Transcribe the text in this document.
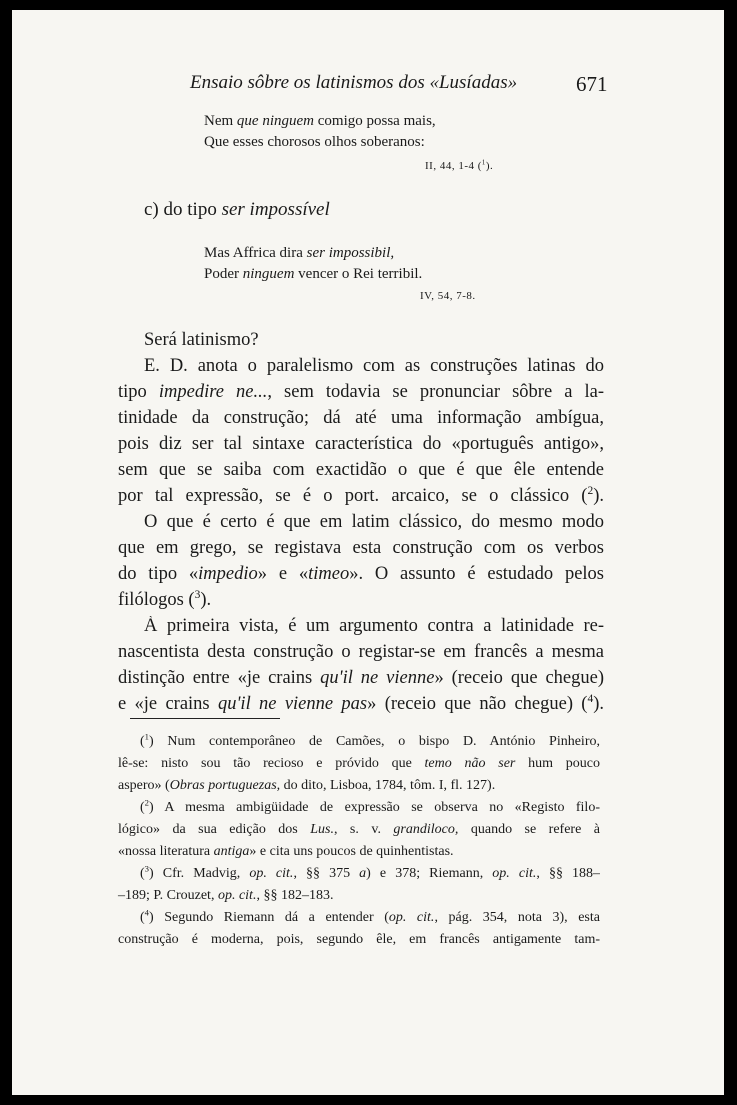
Ensaio sôbre os latinismos dos «Lusíadas»	671
Nem que ninguem comigo possa mais,
Que esses chorosos olhos soberanos:
II, 44, 1-4 ($^1$).
c) do tipo ser impossível
Mas Affrica dira ser impossibil,
Poder ninguem vencer o Rei terribil.
IV, 54, 7-8.
Será latinismo?
E. D. anota o paralelismo com as construções latinas do
tipo impedire ne..., sem todavia se pronunciar sôbre a la-
tinidade da construção; dá até uma informação ambígua,
pois diz ser tal sintaxe característica do «português antigo»,
sem que se saiba com exactidão o que é que êle entende
por tal expressão, se é o port. arcaico, se o clássico ($^2$).
O que é certo é que em latim clássico, do mesmo modo
que em grego, se registava esta construção com os verbos
do tipo «impedio» e «timeo». O assunto é estudado pelos
filólogos ($^3$).
À primeira vista, é um argumento contra a latinidade re-
nascentista desta construção o registar-se em francês a mesma
distinção entre «je crains qu'il ne vienne» (receio que chegue)
e «je crains qu'il ne vienne pas» (receio que não chegue) ($^4$).
($^1$) Num contemporâneo de Camões, o bispo D. António Pinheiro,
lê-se: nisto sou tão recioso e próvido que temo não ser hum pouco
aspero» (Obras portuguezas, do dito, Lisboa, 1784, tôm. I, fl. 127).
($^2$) A mesma ambigüidade de expressão se observa no «Registo filo-
lógico» da sua edição dos Lus., s. v. grandiloco, quando se refere à
«nossa literatura antiga» e cita uns poucos de quinhentistas.
($^3$) Cfr. Madvig, op. cit., §§ 375 a) e 378; Riemann, op. cit., §§ 188–
–189; P. Crouzet, op. cit., §§ 182–183.
($^4$) Segundo Riemann dá a entender (op. cit., pág. 354, nota 3), esta
construção é moderna, pois, segundo êle, em francês antigamente tam-
